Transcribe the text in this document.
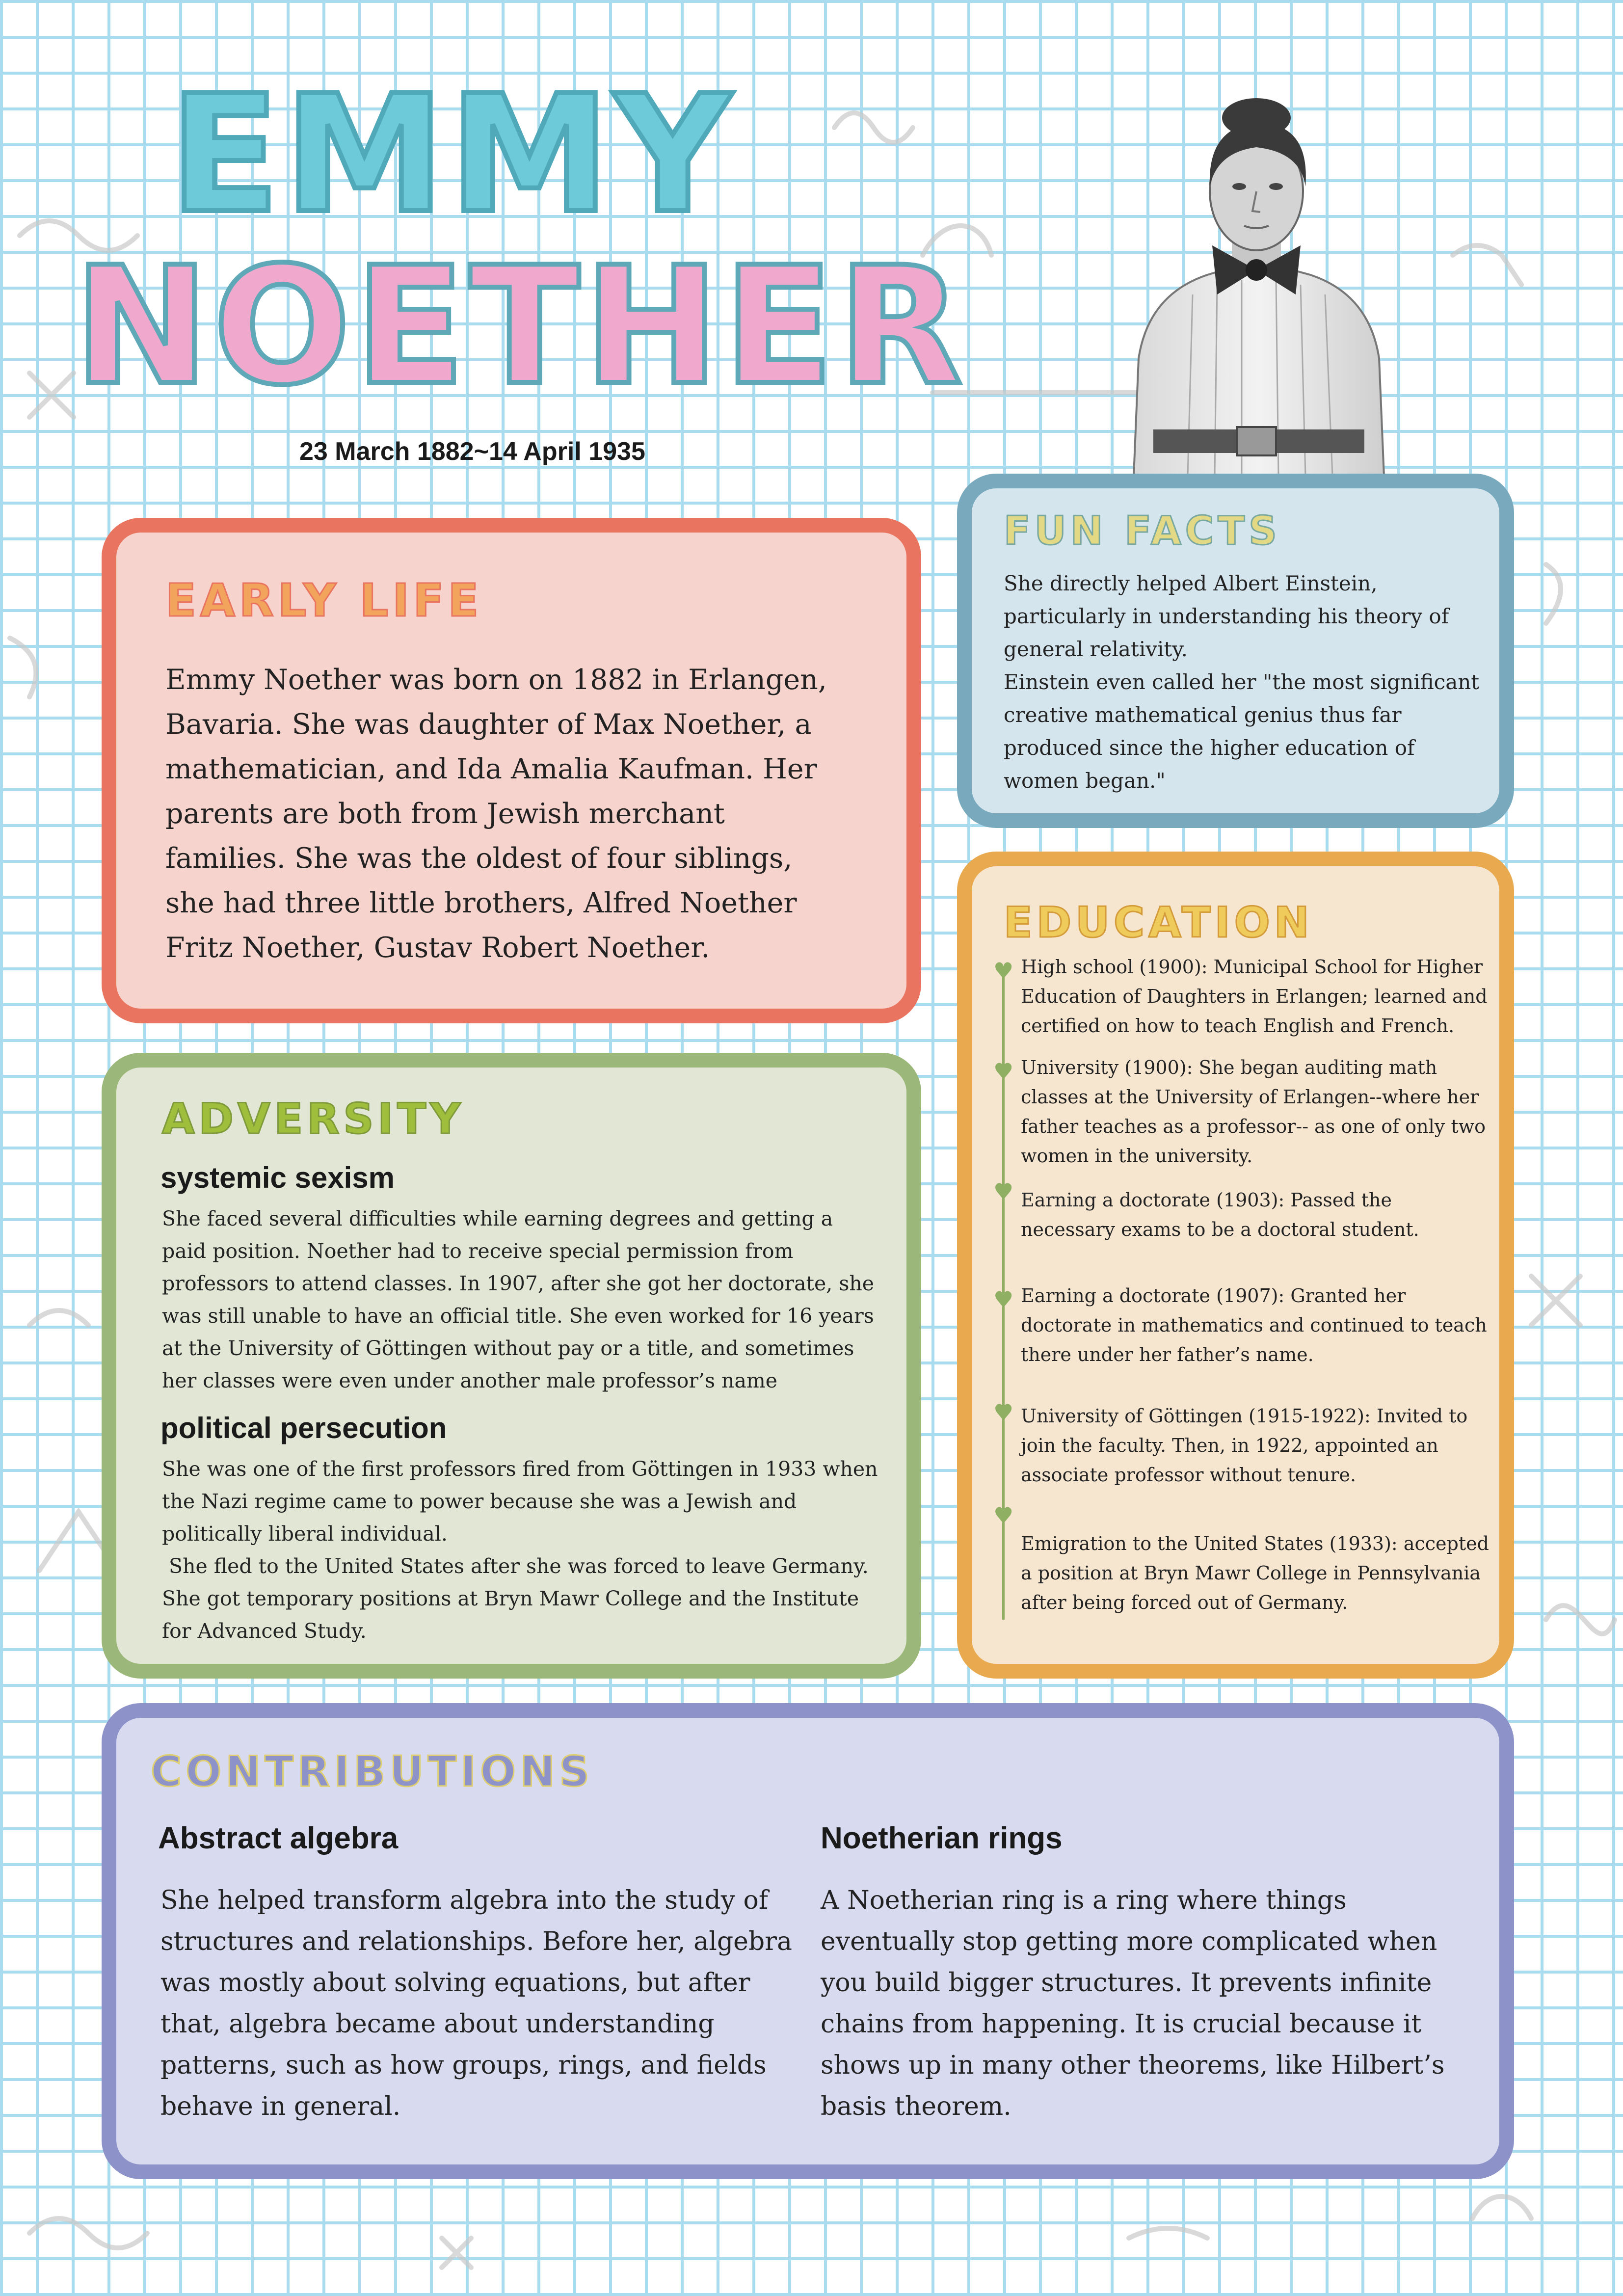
EMMY
NOETHER
23 March 1882~14 April 1935
EARLY LIFE

Emmy Noether was born on 1882 in Erlangen, Bavaria. She was daughter of Max Noether, a mathematician, and Ida Amalia Kaufman. Her parents are both from Jewish merchant families. She was the oldest of four siblings, she had three little brothers, Alfred Noether Fritz Noether, Gustav Robert Noether.

FUN FACTS
She directly helped Albert Einstein, particularly in understanding his theory of general relativity.
Einstein even called her "the most significant creative mathematical genius thus far produced since the higher education of women began."
ADVERSITY
systemic sexism

She faced several difficulties while earning degrees and getting a paid position. Noether had to receive special permission from professors to attend classes. In 1907, after she got her doctorate, she was still unable to have an official title. She even worked for 16 years at the University of Göttingen without pay or a title, and sometimes her classes were even under another male professor’s name

political persecution

She was one of the first professors fired from Göttingen in 1933 when the Nazi regime came to power because she was a Jewish and politically liberal individual.

She fled to the United States after she was forced to leave Germany. She got temporary positions at Bryn Mawr College and the Institute for Advanced Study.

EDUCATION
♥ High school (1900): Municipal School for Higher Education of Daughters in Erlangen; learned and certified on how to teach English and French.
♥ University (1900): She began auditing math classes at the University of Erlangen--where her father teaches as a professor-- as one of only two women in the university.
♥ Earning a doctorate (1903): Passed the necessary exams to be a doctoral student.
♥ Earning a doctorate (1907): Granted her doctorate in mathematics and continued to teach there under her father’s name.
♥ University of Göttingen (1915-1922): Invited to join the faculty. Then, in 1922, appointed an associate professor without tenure.
♥
Emigration to the United States (1933): accepted a position at Bryn Mawr College in Pennsylvania after being forced out of Germany.
CONTRIBUTIONS
Abstract algebra

She helped transform algebra into the study of structures and relationships. Before her, algebra was mostly about solving equations, but after that, algebra became about understanding patterns, such as how groups, rings, and fields behave in general.

Noetherian rings

A Noetherian ring is a ring where things eventually stop getting more complicated when you build bigger structures. It prevents infinite chains from happening. It is crucial because it shows up in many other theorems, like Hilbert’s basis theorem.
